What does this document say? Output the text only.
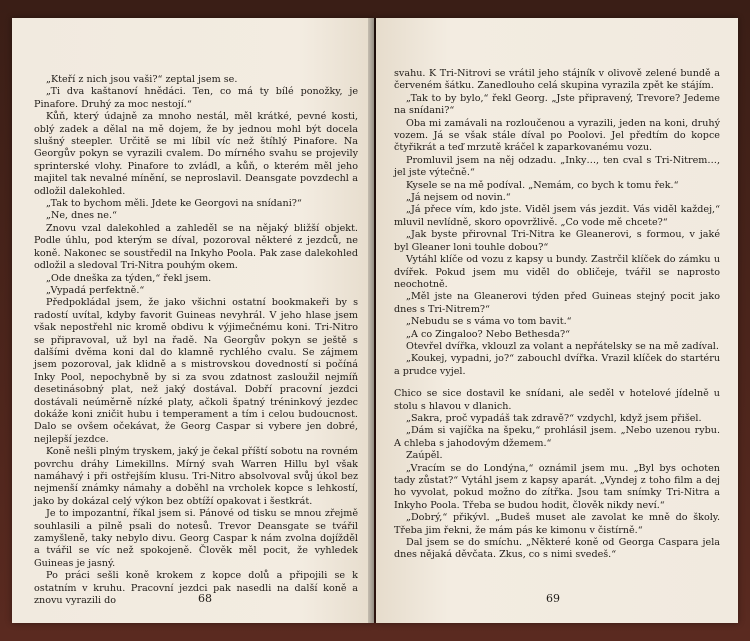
„Kteří z nich jsou vaši?“ zeptal jsem se.

„Ti dva kaštanoví hnědáci. Ten, co má ty bílé ponožky, je Pinafore. Druhý za moc nestojí.“

Kůň, který údajně za mnoho nestál, měl krátké, pevné kosti, oblý zadek a dělal na mě dojem, že by jednou mohl být docela slušný steepler. Určitě se mi líbil víc než štíhlý Pinafore. Na Georgův pokyn se vyrazili cvalem. Do mírného svahu se projevily sprinterské vlohy. Pinafore to zvládl, a kůň, o kterém měl jeho majitel tak nevalné mínění, se neproslavil. Deansgate povzdechl a odložil dalekohled.

„Tak to bychom měli. Jdete ke Georgovi na snídani?“

„Ne, dnes ne.“

Znovu vzal dalekohled a zahleděl se na nějaký bližší objekt. Podle úhlu, pod kterým se díval, pozoroval některé z jezdců, ne koně. Nakonec se soustředil na Inkyho Poola. Pak zase dalekohled odložil a sledoval Tri-Nitra pouhým okem.

„Ode dneška za týden,“ řekl jsem.

„Vypadá perfektně.“

Předpokládal jsem, že jako všichni ostatní bookmakeři by s radostí uvítal, kdyby favorit Guineas nevyhrál. V jeho hlase jsem však nepostřehl nic kromě obdivu k výjimečnému koni. Tri-Nitro se připravoval, už byl na řadě. Na Georgův pokyn se ještě s dalšími dvěma koni dal do klamně rychlého cvalu. Se zájmem jsem pozoroval, jak klidně a s mistrovskou dovedností si počíná Inky Pool, nepochybně by si za svou zdatnost zasloužil nejmíň desetinásobný plat, než jaký dostával. Dobří pracovní jezdci dostávali neúměrně nízké platy, ačkoli špatný tréninkový jezdec dokáže koni zničit hubu i temperament a tím i celou budoucnost. Dalo se ovšem očekávat, že Georg Caspar si vybere jen dobré, nejlepší jezdce.

Koně nešli plným tryskem, jaký je čekal příští sobotu na rovném povrchu dráhy Limekillns. Mírný svah Warren Hillu byl však namáhavý i při ostřejším klusu. Tri-Nitro absolvoval svůj úkol bez nejmenší známky námahy a doběhl na vrcholek kopce s lehkostí, jako by dokázal celý výkon bez obtíží opakovat i šestkrát.

Je to impozantní, říkal jsem si. Pánové od tisku se mnou zřejmě souhlasili a pilně psali do notesů. Trevor Deansgate se tvářil zamyšleně, taky nebylo divu. Georg Caspar k nám zvolna dojížděl a tvářil se víc než spokojeně. Člověk měl pocit, že vyhledek Guineas je jasný.

Po práci sešli koně krokem z kopce dolů a připojili se k ostatním v kruhu. Pracovní jezdci pak nasedli na další koně a znovu vyrazili do	68

svahu. K Tri-Nitrovi se vrátil jeho stájník v olivově zelené bundě a červeném šátku. Zanedlouho celá skupina vyrazila zpět ke stájím.

„Tak to by bylo,“ řekl Georg. „Jste připravený, Trevore? Jedeme na snídani?“

Oba mi zamávali na rozloučenou a vyrazili, jeden na koni, druhý vozem. Já se však stále díval po Poolovi. Jel předtím do kopce čtyřikrát a teď mrzutě kráčel k zaparkovanému vozu.

Promluvil jsem na něj odzadu. „Inky…, ten cval s Tri-Nitrem…, jel jste výtečně.“

Kysele se na mě podíval. „Nemám, co bych k tomu řek.“

„Já nejsem od novin.“

„Já přece vím, kdo jste. Viděl jsem vás jezdit. Vás viděl každej,“ mluvil nevlídně, skoro opovržlivě. „Co vode mě chcete?“

„Jak byste přirovnal Tri-Nitra ke Gleanerovi, s formou, v jaké byl Gleaner loni touhle dobou?“

Vytáhl klíče od vozu z kapsy u bundy. Zastrčil klíček do zámku u dvířek. Pokud jsem mu viděl do obličeje, tvářil se naprosto neochotně.

„Měl jste na Gleanerovi týden před Guineas stejný pocit jako dnes s Tri-Nitrem?“

„Nebudu se s váma vo tom bavit.“

„A co Zingaloo? Nebo Bethesda?“

Otevřel dvířka, vklouzl za volant a nepřátelsky se na mě zadíval.

„Koukej, vypadni, jo?“ zabouchl dvířka. Vrazil klíček do startéru a prudce vyjel.

Chico se sice dostavil ke snídani, ale seděl v hotelové jídelně u stolu s hlavou v dlanich.

„Sakra, proč vypadáš tak zdravě?“ vzdychl, když jsem přišel.

„Dám si vajíčka na špeku,“ prohlásil jsem. „Nebo uzenou rybu. A chleba s jahodovým džemem.“

Zaúpěl.

„Vracím se do Londýna,“ oznámil jsem mu. „Byl bys ochoten tady zůstat?“ Vytáhl jsem z kapsy aparát. „Vyndej z toho film a dej ho vyvolat, pokud možno do zítřka. Jsou tam snímky Tri-Nitra a Inkyho Poola. Třeba se budou hodit, člověk nikdy neví.“

„Dobrý,“ přikývl. „Budeš muset ale zavolat ke mně do školy. Třeba jim řekni, že mám pás ke kimonu v čistírně.“

Dal jsem se do smíchu. „Některé koně od Georga Caspara jela dnes nějaká děvčata. Zkus, co s nimi svedeš.“

69
